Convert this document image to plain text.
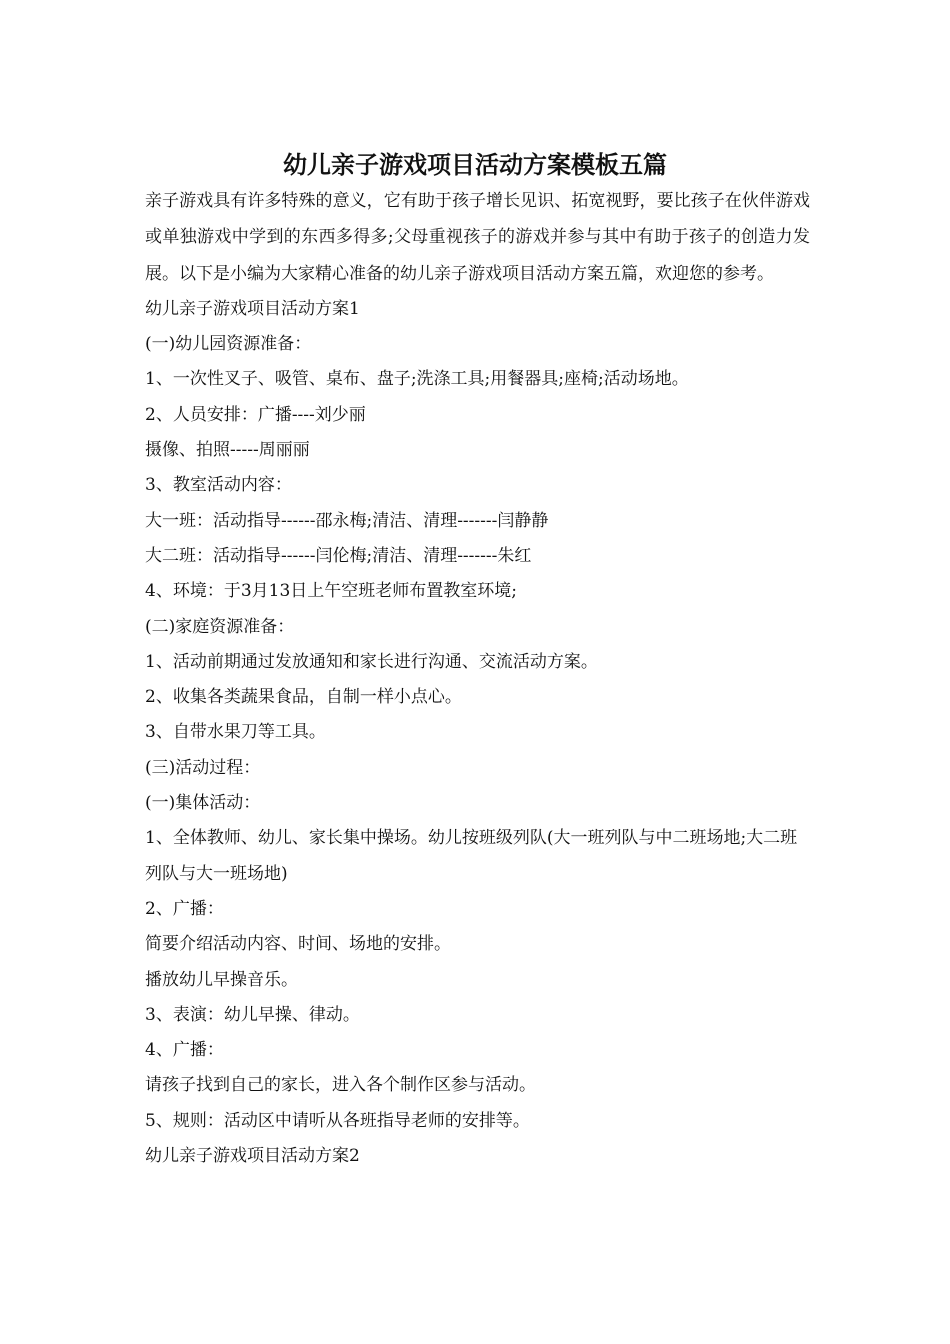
幼儿亲子游戏项目活动方案模板五篇

亲子游戏具有许多特殊的意义，它有助于孩子增长见识、拓宽视野，要比孩子在伙伴游戏或单独游戏中学到的东西多得多;父母重视孩子的游戏并参与其中有助于孩子的创造力发展。以下是小编为大家精心准备的幼儿亲子游戏项目活动方案五篇，欢迎您的参考。

幼儿亲子游戏项目活动方案1
(一)幼儿园资源准备：
1、一次性叉子、吸管、桌布、盘子;洗涤工具;用餐器具;座椅;活动场地。
2、人员安排：广播----刘少丽
摄像、拍照-----周丽丽
3、教室活动内容：
大一班：活动指导------邵永梅;清洁、清理-------闫静静
大二班：活动指导------闫伦梅;清洁、清理-------朱红
4、环境：于3月13日上午空班老师布置教室环境;
(二)家庭资源准备：
1、活动前期通过发放通知和家长进行沟通、交流活动方案。
2、收集各类蔬果食品，自制一样小点心。
3、自带水果刀等工具。
(三)活动过程：
(一)集体活动：
1、全体教师、幼儿、家长集中操场。幼儿按班级列队(大一班列队与中二班场地;大二班列队与大一班场地)
2、广播：
简要介绍活动内容、时间、场地的安排。
播放幼儿早操音乐。
3、表演：幼儿早操、律动。
4、广播：
请孩子找到自己的家长，进入各个制作区参与活动。
5、规则：活动区中请听从各班指导老师的安排等。
幼儿亲子游戏项目活动方案2
